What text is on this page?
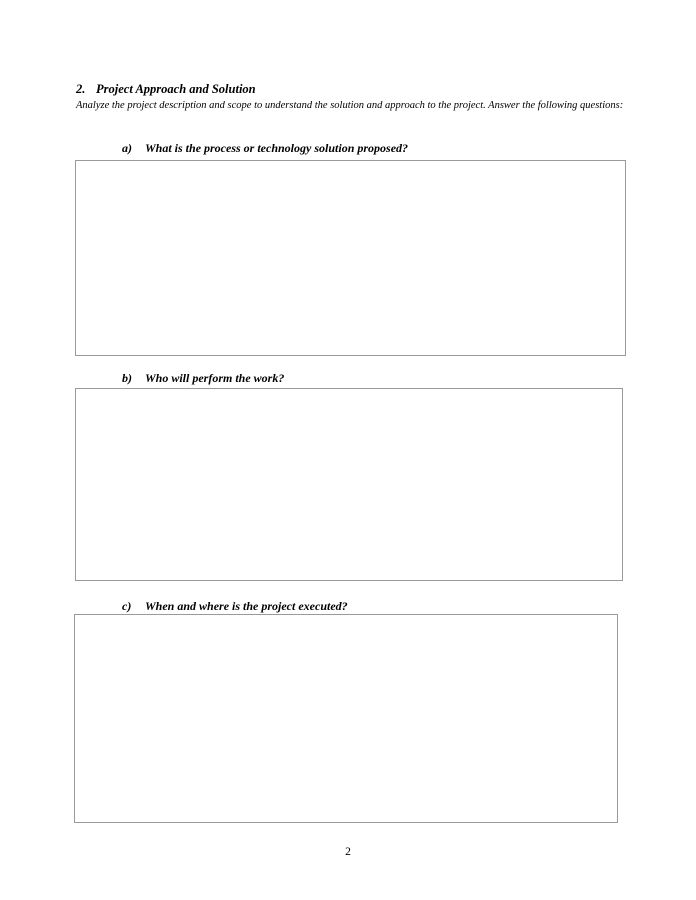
2. Project Approach and Solution
Analyze the project description and scope to understand the solution and approach to the project. Answer the following questions:
a) What is the process or technology solution proposed?
b) Who will perform the work?
c) When and where is the project executed?
2
